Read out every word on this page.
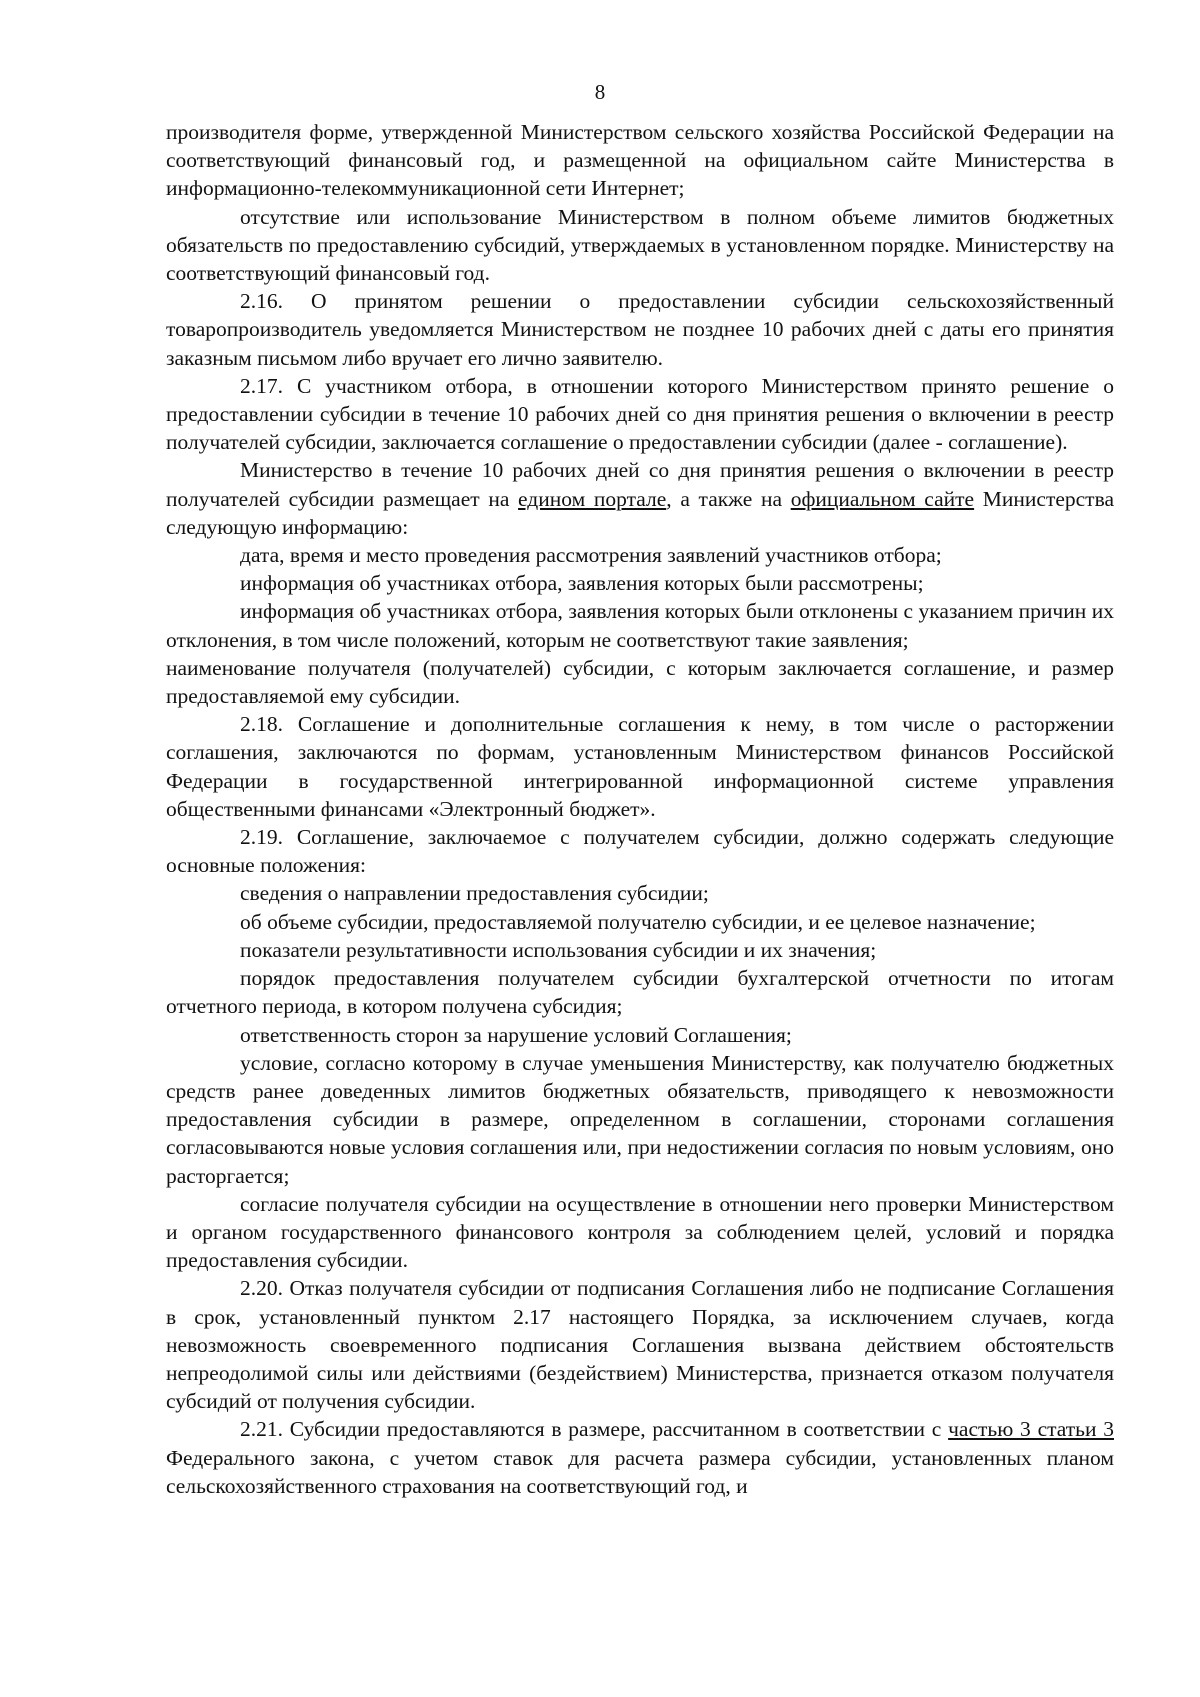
8

производителя форме, утвержденной Министерством сельского хозяйства Российской Федерации на соответствующий финансовый год, и размещенной на официальном сайте Министерства в информационно-телекоммуникационной сети Интернет;

отсутствие или использование Министерством в полном объеме лимитов бюджетных обязательств по предоставлению субсидий, утверждаемых в установленном порядке. Министерству на соответствующий финансовый год.

2.16. О принятом решении о предоставлении субсидии сельскохозяйственный товаропроизводитель уведомляется Министерством не позднее 10 рабочих дней с даты его принятия заказным письмом либо вручает его лично заявителю.

2.17. С участником отбора, в отношении которого Министерством принято решение о предоставлении субсидии в течение 10 рабочих дней со дня принятия решения о включении в реестр получателей субсидии, заключается соглашение о предоставлении субсидии (далее - соглашение).

Министерство в течение 10 рабочих дней со дня принятия решения о включении в реестр получателей субсидии размещает на едином портале, а также на официальном сайте Министерства следующую информацию:

дата, время и место проведения рассмотрения заявлений участников отбора;

информация об участниках отбора, заявления которых были рассмотрены;

информация об участниках отбора, заявления которых были отклонены с указанием причин их отклонения, в том числе положений, которым не соответствуют такие заявления;

наименование получателя (получателей) субсидии, с которым заключается соглашение, и размер предоставляемой ему субсидии.

2.18. Соглашение и дополнительные соглашения к нему, в том числе о расторжении соглашения, заключаются по формам, установленным Министерством финансов Российской Федерации в государственной интегрированной информационной системе управления общественными финансами «Электронный бюджет».

2.19. Соглашение, заключаемое с получателем субсидии, должно содержать следующие основные положения:

сведения о направлении предоставления субсидии;

об объеме субсидии, предоставляемой получателю субсидии, и ее целевое назначение;

показатели результативности использования субсидии и их значения;

порядок предоставления получателем субсидии бухгалтерской отчетности по итогам отчетного периода, в котором получена субсидия;

ответственность сторон за нарушение условий Соглашения;

условие, согласно которому в случае уменьшения Министерству, как получателю бюджетных средств ранее доведенных лимитов бюджетных обязательств, приводящего к невозможности предоставления субсидии в размере, определенном в соглашении, сторонами соглашения согласовываются новые условия соглашения или, при недостижении согласия по новым условиям, оно расторгается;

согласие получателя субсидии на осуществление в отношении него проверки Министерством и органом государственного финансового контроля за соблюдением целей, условий и порядка предоставления субсидии.

2.20. Отказ получателя субсидии от подписания Соглашения либо не подписание Соглашения в срок, установленный пунктом 2.17 настоящего Порядка, за исключением случаев, когда невозможность своевременного подписания Соглашения вызвана действием обстоятельств непреодолимой силы или действиями (бездействием) Министерства, признается отказом получателя субсидий от получения субсидии.

2.21. Субсидии предоставляются в размере, рассчитанном в соответствии с частью 3 статьи 3 Федерального закона, с учетом ставок для расчета размера субсидии, установленных планом сельскохозяйственного страхования на соответствующий год, и
